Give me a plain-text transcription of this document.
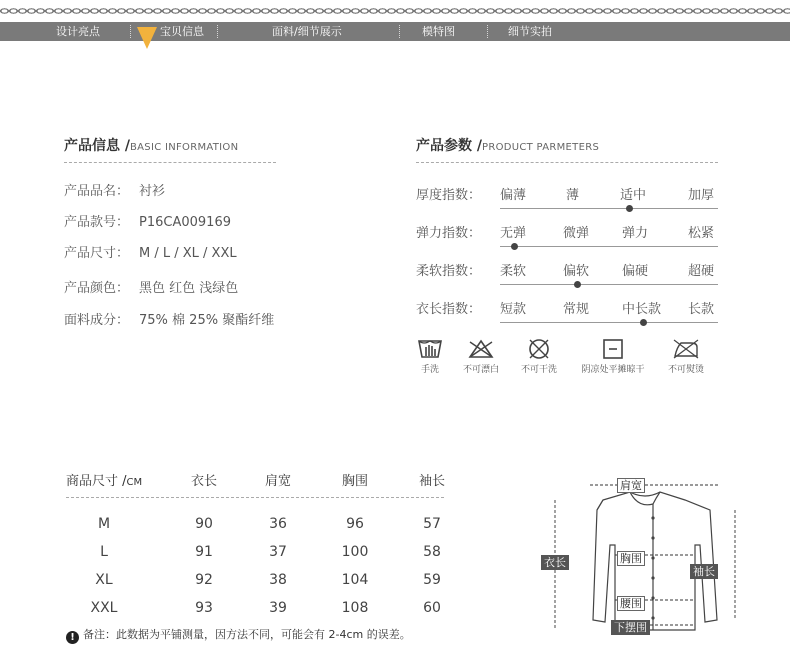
设计亮点	宝贝信息	面料/细节展示	模特图	细节实拍
产品信息 /BASIC INFORMATION
产品品名： 衬衫
产品款号： P16CA009169
产品尺寸： M / L / XL / XXL
产品颜色： 黑色 红色 浅绿色
面料成分： 75% 棉 25% 聚酯纤维
产品参数 /PRODUCT PARMETERS
厚度指数： 偏薄	薄	适中	加厚
弹力指数： 无弹	微弹	弹力	松紧
柔软指数： 柔软	偏软	偏硬	超硬
衣长指数： 短款	常规	中长款 长款
手洗	不可漂白	不可干洗	阴凉处平摊晾干	不可熨烫
商品尺寸 /CM	衣长	肩宽	胸围	袖长
M	90	36	96	57
L	91	37	100	58
XL	92	38	104	59
XXL	93	39	108	60
! 备注：此数据为平铺测量，因方法不同，可能会有 2-4cm 的误差。
肩宽
衣长	胸围
袖长
腰围
下摆围
